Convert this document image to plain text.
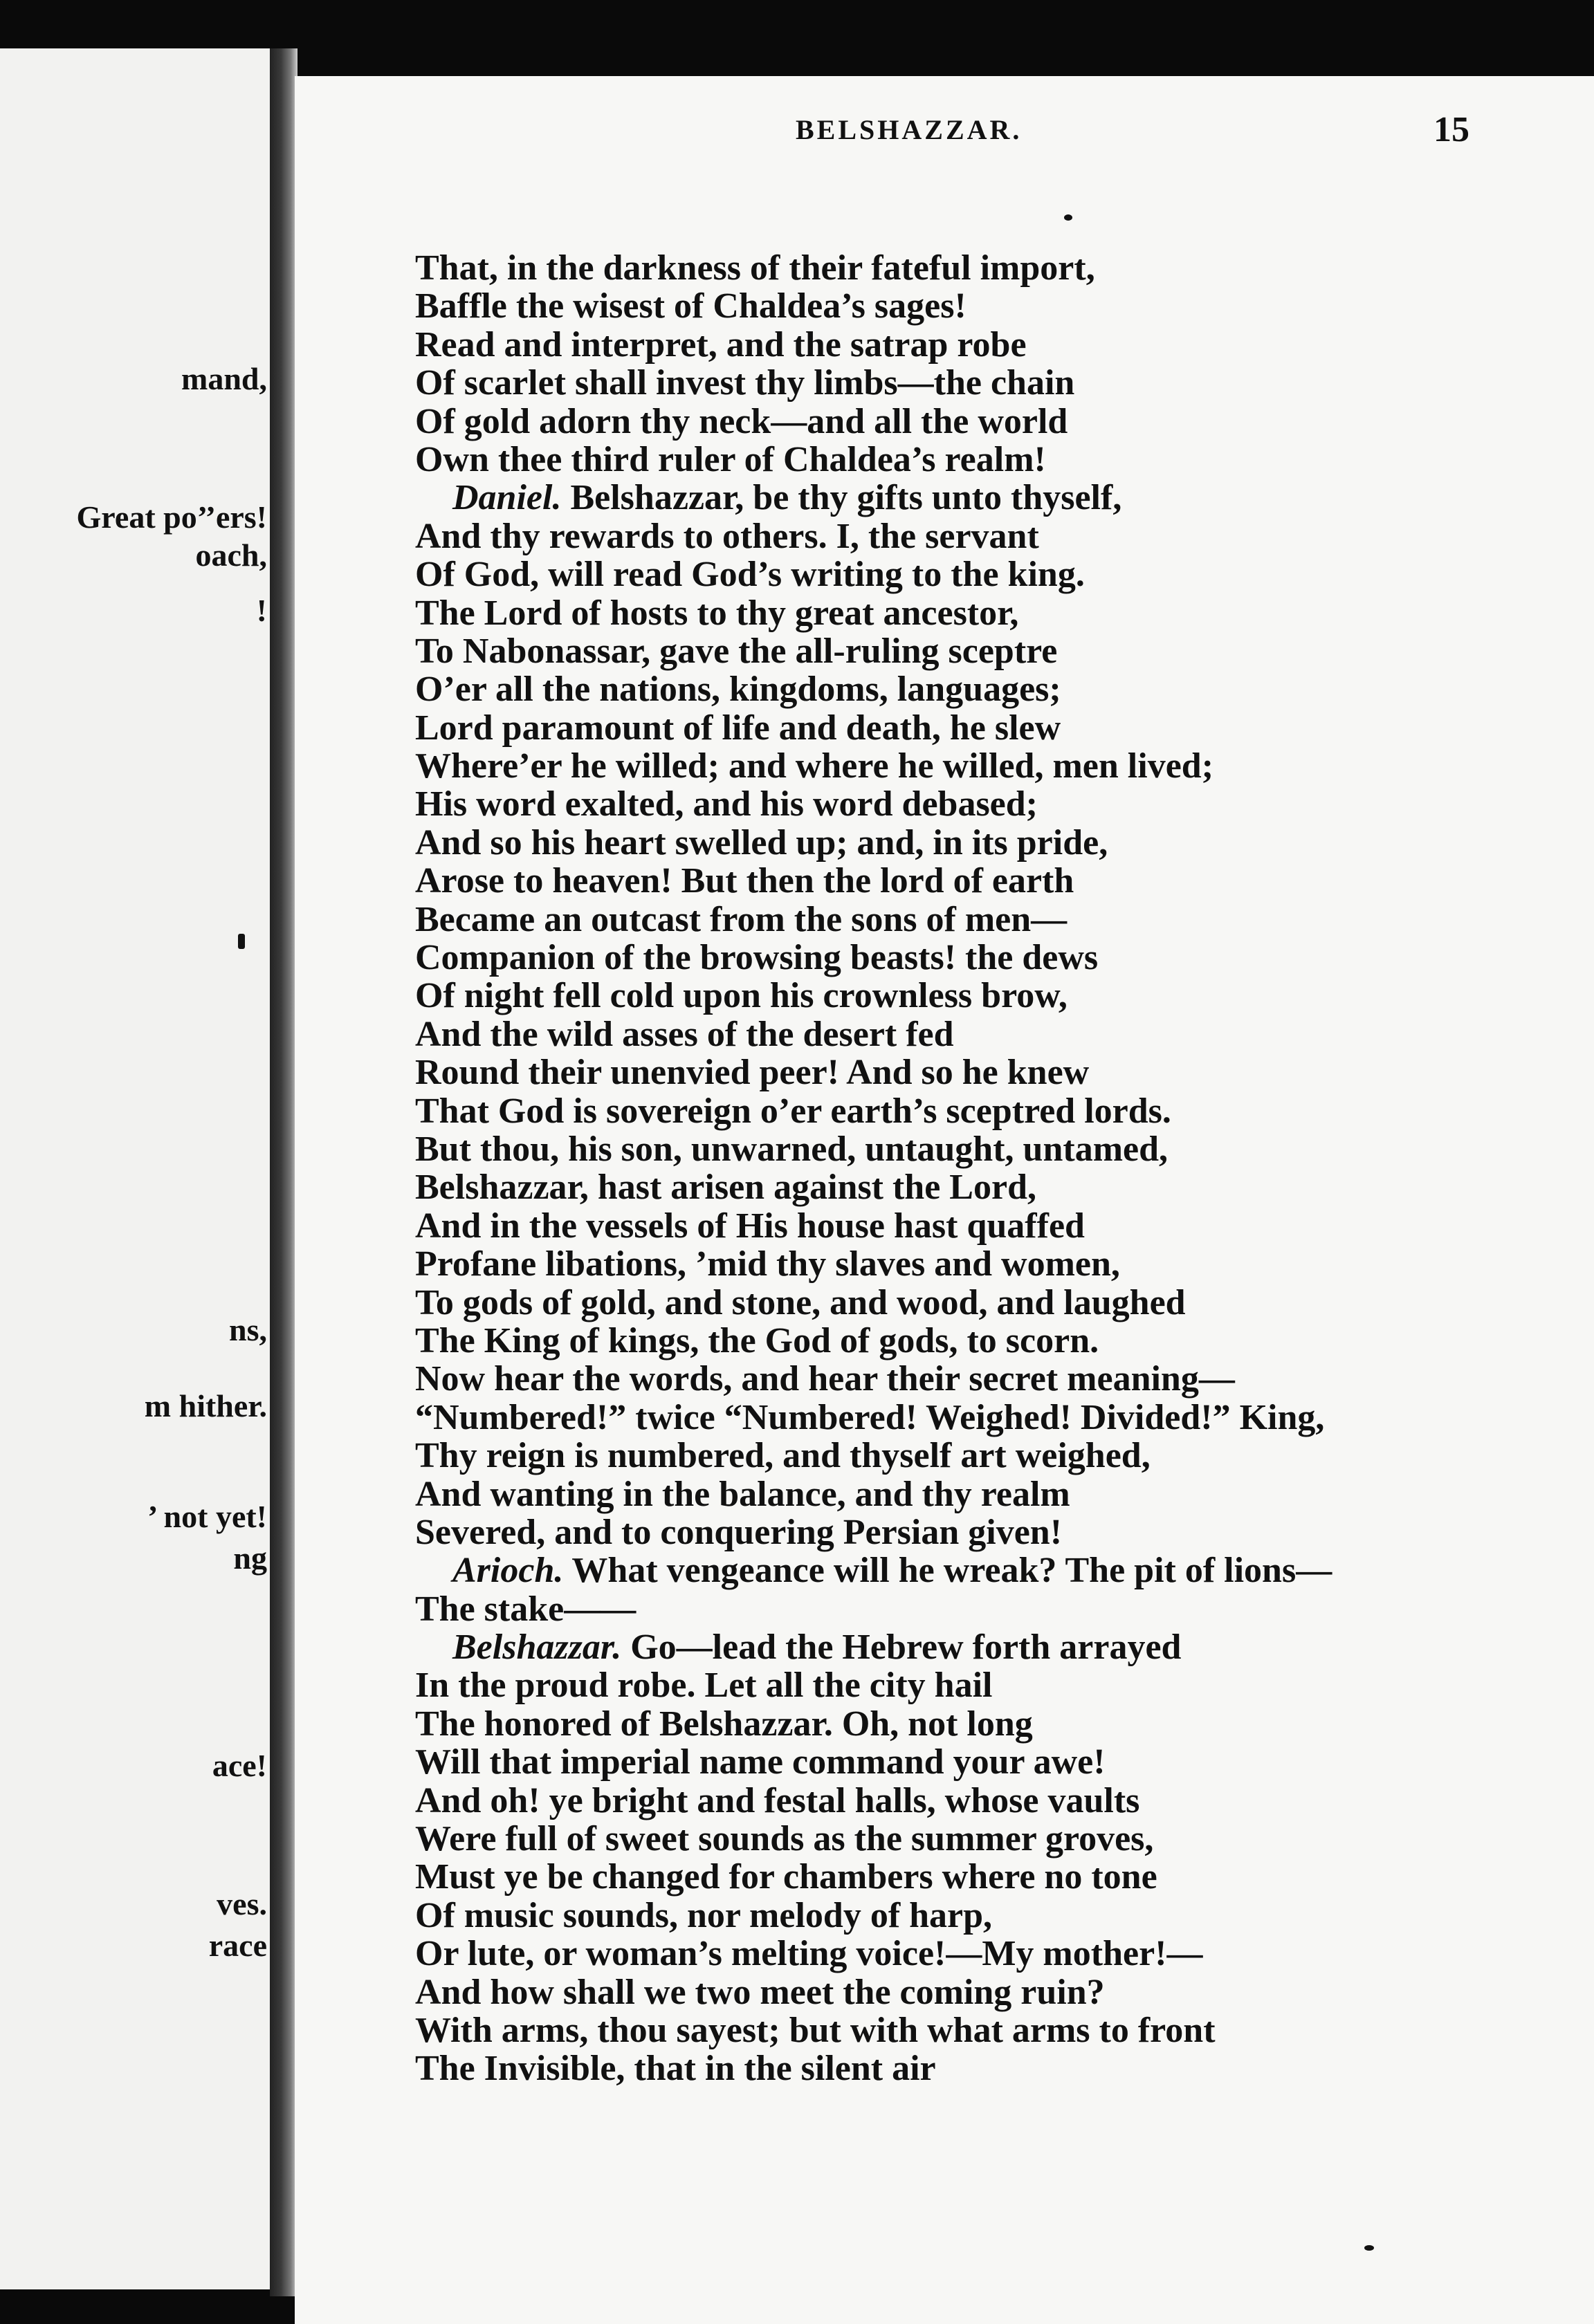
mand,
Great po’’ers!
oach,
!
ns,
m hither.
’ not yet!
ng
ace!
ves.
race
BELSHAZZAR.	15
That, in the darkness of their fateful import,
Baffle the wisest of Chaldea’s sages!
Read and interpret, and the satrap robe
Of scarlet shall invest thy limbs—the chain
Of gold adorn thy neck—and all the world
Own thee third ruler of Chaldea’s realm!
Daniel. Belshazzar, be thy gifts unto thyself,
And thy rewards to others. I, the servant
Of God, will read God’s writing to the king.
The Lord of hosts to thy great ancestor,
To Nabonassar, gave the all-ruling sceptre
O’er all the nations, kingdoms, languages;
Lord paramount of life and death, he slew
Where’er he willed; and where he willed, men lived;
His word exalted, and his word debased;
And so his heart swelled up; and, in its pride,
Arose to heaven! But then the lord of earth
Became an outcast from the sons of men—
Companion of the browsing beasts! the dews
Of night fell cold upon his crownless brow,
And the wild asses of the desert fed
Round their unenvied peer! And so he knew
That God is sovereign o’er earth’s sceptred lords.
But thou, his son, unwarned, untaught, untamed,
Belshazzar, hast arisen against the Lord,
And in the vessels of His house hast quaffed
Profane libations, ’mid thy slaves and women,
To gods of gold, and stone, and wood, and laughed
The King of kings, the God of gods, to scorn.
Now hear the words, and hear their secret meaning—
“Numbered!” twice “Numbered! Weighed! Divided!” King,
Thy reign is numbered, and thyself art weighed,
And wanting in the balance, and thy realm
Severed, and to conquering Persian given!
Arioch. What vengeance will he wreak? The pit of lions—
The stake——
Belshazzar. Go—lead the Hebrew forth arrayed
In the proud robe. Let all the city hail
The honored of Belshazzar. Oh, not long
Will that imperial name command your awe!
And oh! ye bright and festal halls, whose vaults
Were full of sweet sounds as the summer groves,
Must ye be changed for chambers where no tone
Of music sounds, nor melody of harp,
Or lute, or woman’s melting voice!—My mother!—
And how shall we two meet the coming ruin?
With arms, thou sayest; but with what arms to front
The Invisible, that in the silent air
